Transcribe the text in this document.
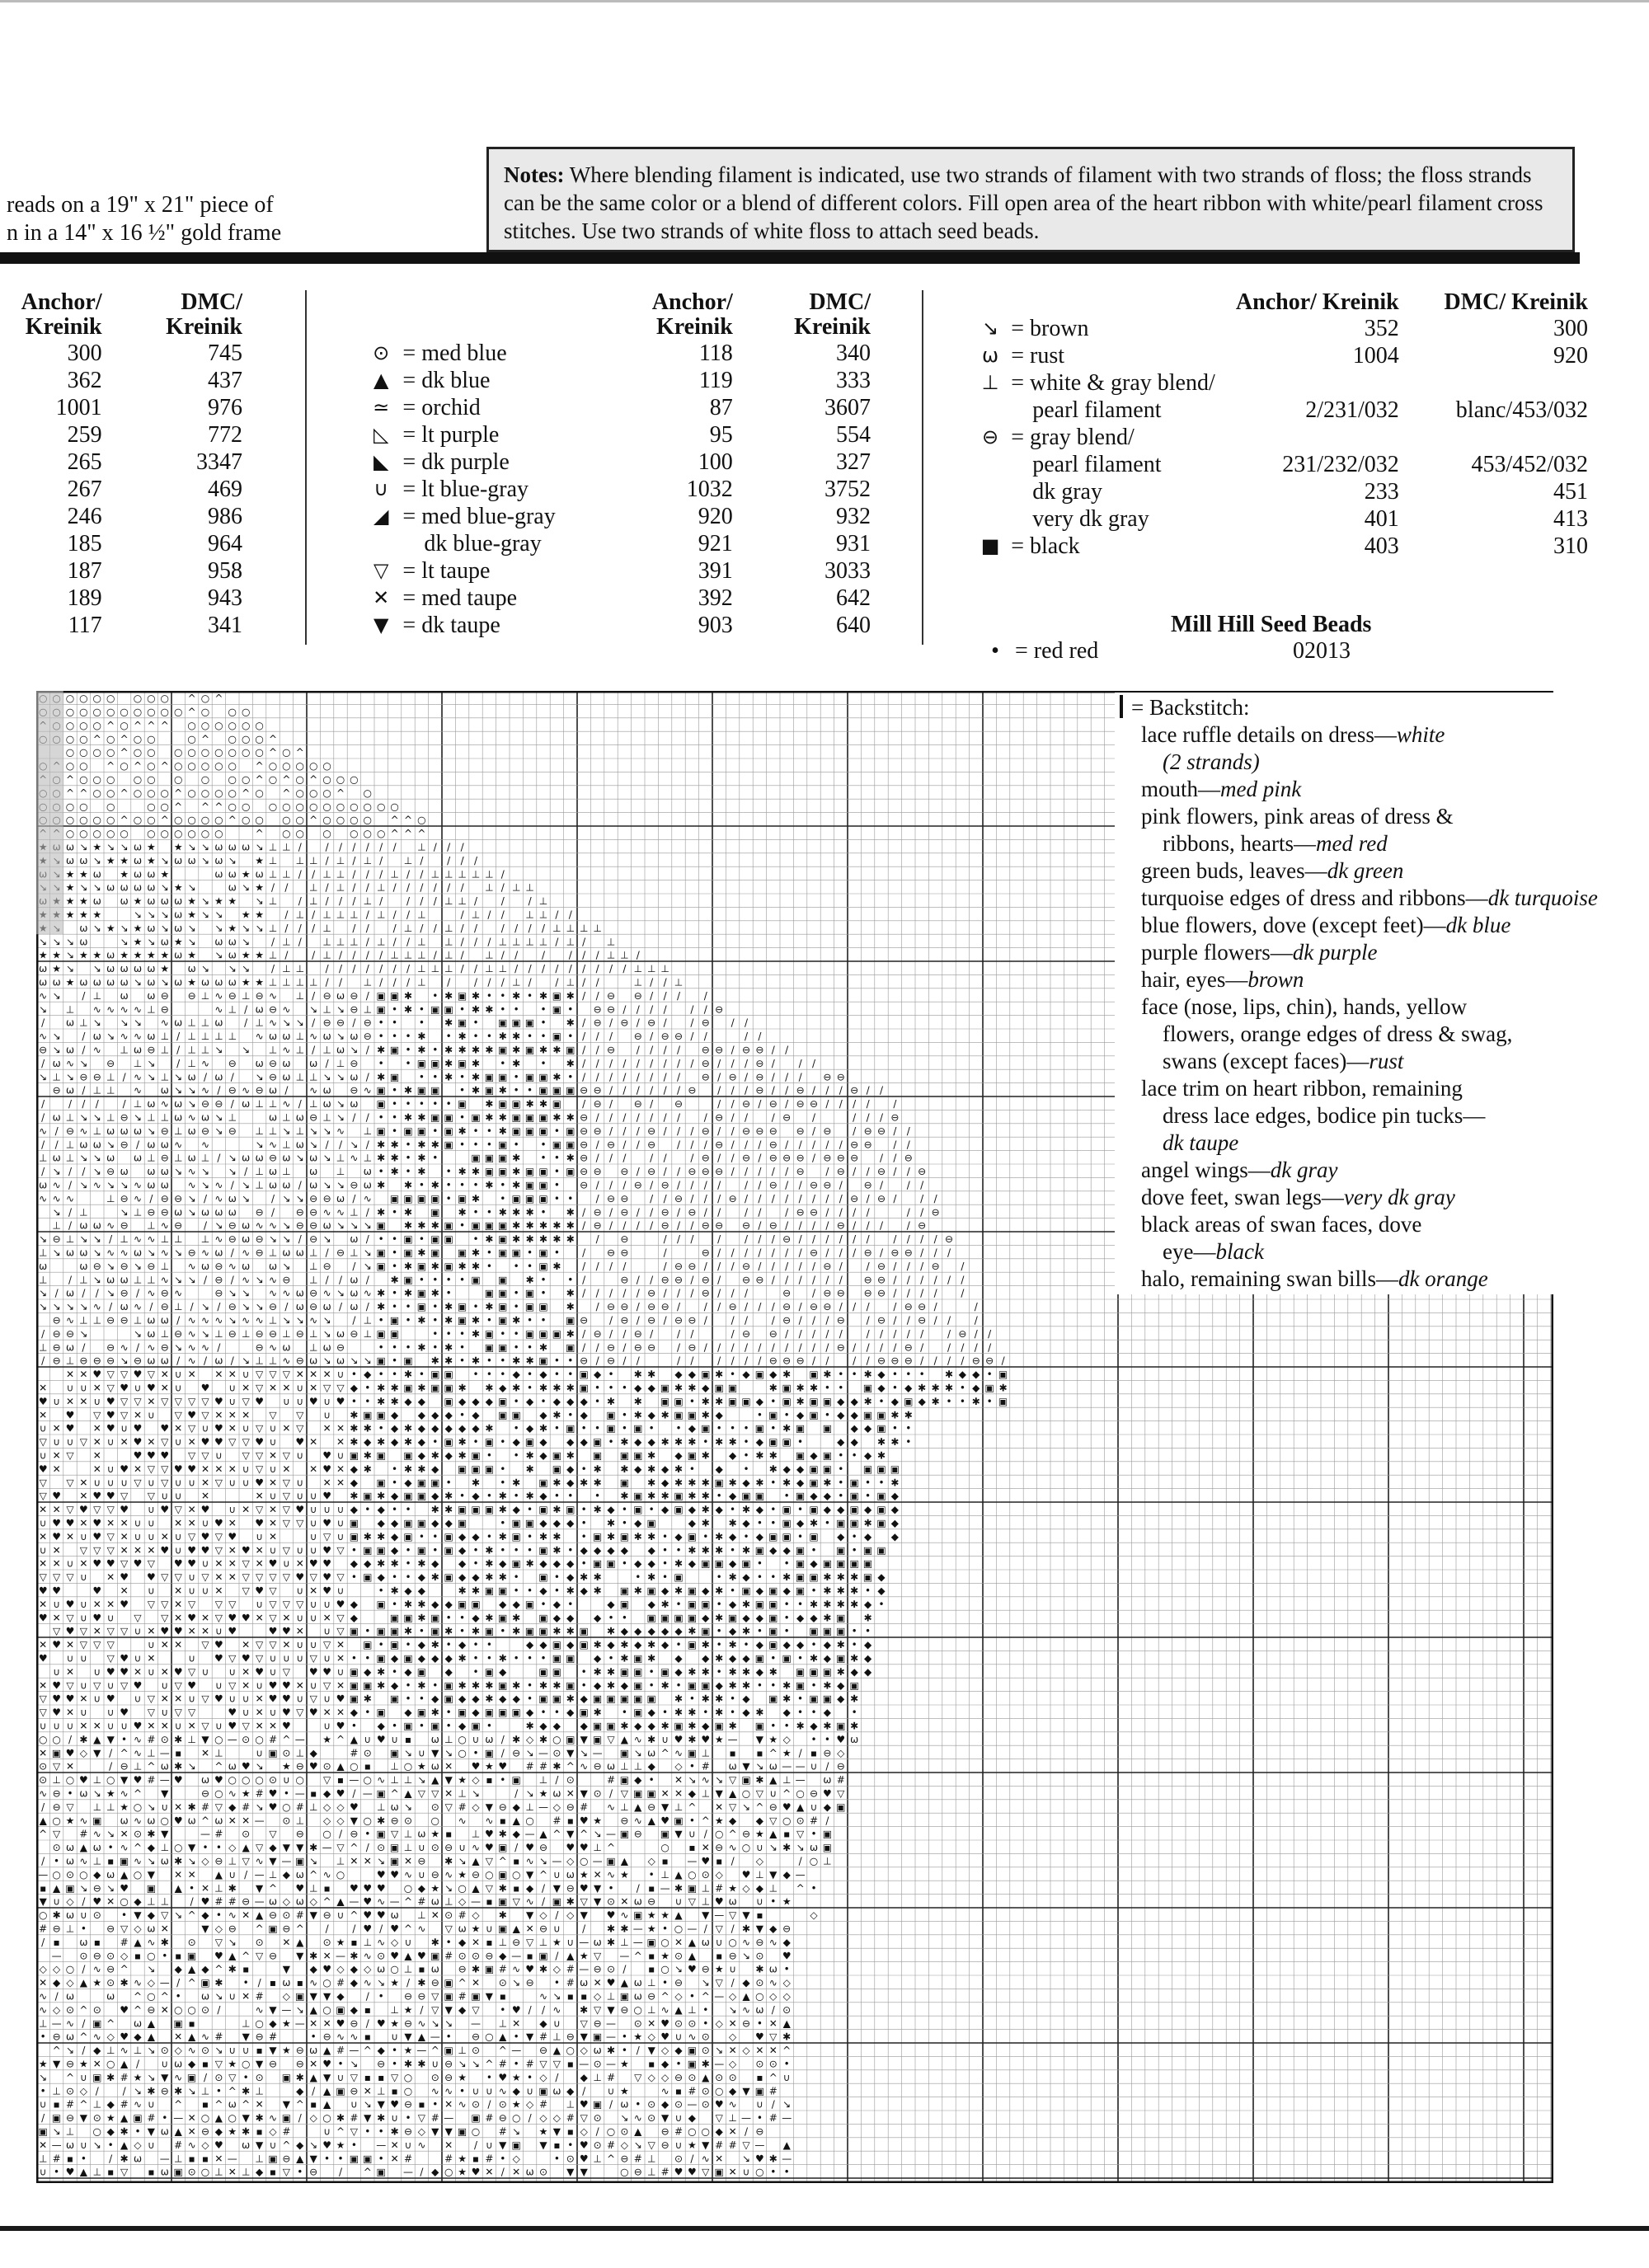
reads on a 19" x 21" piece of
n in a 14" x 16 ½" gold frame
Notes: Where blending filament is indicated, use two strands of filament with two strands of floss; the floss strands can be the same color or a blend of different colors. Fill open area of the heart ribbon with white/pearl filament cross stitches. Use two strands of white floss to attach seed beads.
Anchor/ Kreinik	DMC/ Kreinik
300	745
362	437
1001	976
259	772
265	3347
267	469
246	986
185	964
187	958
189	943
117	341
		Anchor/ Kreinik	DMC/ Kreinik
⊙	= med blue	118	340
▲	= dk blue	119	333
≃	= orchid	87	3607
◺	= lt purple	95	554
◣	= dk purple	100	327
∪	= lt blue-gray	1032	3752
◢	= med blue-gray	920	932
	dk blue-gray	921	931
▽	= lt taupe	391	3033
✕	= med taupe	392	642
▼	= dk taupe	903	640
		Anchor/ Kreinik	DMC/ Kreinik
↘	= brown	352	300
ω	= rust	1004	920
⊥	= white & gray blend/		
	pearl filament	2/231/032	blanc/453/032
⊖	= gray blend/		
	pearl filament	231/232/032	453/452/032
	dk gray	233	451
	very dk gray	401	413
■	= black	403	310
Mill Hill Seed Beads
• = red red	02013
○ ○ ○ ○ ○ ○ ○ ^ ○ ^
○ ○ ○ ○ ○ ○ ○ ○ ○ ^ ○ ○ ○
○ ○ ○ ^ ○ ^ ^ ^ ○ ○ ○ ○ ○ ○
○ ○ ^ ○ ^ ○ ○	○ ^ ○ ○ ○ ^
○ ○ ○ ○ ^ ○ ○ ○ ○ ○ ○ ○ ○ ○ ^ ○ ^
○ ○ ^ ○ ^ ○ ^ ○ ○ ○ ○ ○ ^ ○ ○ ○ ○ ○
^ ○ ○ ○ ○ ○ ○ ○ ○ ○ ^ ○ ^ ○ ^ ○ ○ ○
^ ^ ○ ○ ^ ○ ○ ○ ^ ○ ○ ○ ○ ^ ○ ^ ○ ○ ○ ^ ○
○ ○ ○	○ ○ ^ ^ ^ ○ ○ ○ ○ ○ ○ ○ ○ ○ ○ ○ ○
○ ○ ○ ○ ^ ○ ○ ^ ○ ○ ○ ○ ^ ○ ○ ○ ○ ^ ○ ○ ○ ○ ^ ^ ○
○ ○ ○ ○ ○ ○ ○ ○ ○ ○ ○	^ ○ ○ ○ ○ ○ ○ ^ ^ ^
ω ↘ ★ ↘ ↘ ω ★ ★ ↘ ↘ ω ω ω ↘ ⊥ ⊥ / / / / / / / ⊥ / / /
ω ω ↘ ★ ★ ω ★ ↘ ω ω ↘ ω ↘ ★ ⊥ ⊥ ⊥ / ⊥ / ⊥ / ⊥ / / / /
★ ★ ω ★ ω ω ★	ω ω ★ ω ⊥ ⊥ / / ⊥ ⊥ / / / ⊥ / / ⊥ ⊥ ⊥ ⊥ ⊥ /
★ ↘ ↘ ω ω ω ω ↘ ★ ↘	ω ↘ ★ / / ⊥ / ⊥ / / ⊥ / / / / / / ⊥ / ⊥ ⊥
★ ★ ω ω ★ ω ω ω ★ ↘ ★ ★ ↘ ⊥ / ⊥ / / / ⊥ / / / / ⊥ ⊥ / / / ⊥
★ ★ ★	↘ ↘ ↘ ω ★ ↘ ↘ ★ ★ / ⊥ / ⊥ ⊥ ⊥ / ⊥ / / ⊥	/ ⊥ / / ⊥ ⊥ / /
ω ↘ ★ ↘ ★ ω ↘ ω ↘ ↘ ★ ↘ ↘ ⊥ / / / ⊥ / / / ⊥ / / ⊥ / / / / / / ⊥ ⊥ ⊥ ⊥
↘ ↘ ↘ ω	↘ ★ ↘ ω ★ ↘ ω ω ↘ / ⊥ / ⊥ ⊥ ⊥ / ⊥ / / ⊥ ⊥ / / / ⊥ ⊥ ⊥ ⊥ / ⊥ / ⊥
★ ★ ↘ ★ ★ ω ★ ★ ★ ★ ω ★ ↘ ω ★ ★ ⊥ / / ⊥ / / / / ⊥ ⊥ ⊥ / ⊥ / ⊥ / / / / / / ⊥ ⊥ /
ω ★ ↘ ↘ ω ω ω ω ★ ω ↘ ↘ ↘ / ⊥ ⊥ / / / / / / / ⊥ ⊥ ⊥ / / ⊥ ⊥ / / / / / / / / / ⊥ ⊥ ⊥
ω ω ★ ω ω ω ω ↘ ω ↘ ω ★ ω ω ω ★ ★ ⊥ ⊥ ⊥ ⊥ / / ⊥ / / / ⊥ / / / / ⊥ / / ⊥ / /	⊥ / / ⊥
∿ ↘ / ⊥ ω ω ⊖ ⊖ ⊥ ∿ ⊖ ⊥ ⊖ ∿ ⊥ / ⊖ ω ⊖ / ▣ ▣ ✱ • ✱ ▣ ✱ • • ✱ • ✱ ▣ ✱ / / ⊖ ⊖ / / / /
↘ ⊥ ∿ ∿ ∿ ∿ ⊥ ⊖	∿ ⊥ / ω ⊖ ∿ ↘ ⊥ ↘ ⊖ ⊥ ▣ • ✱ • ▣ ▣ • ✱ ✱ • • • ▣ • ⊖ ⊖ / / / / / / ⊖
/ ω ⊥ ↘ ↘ ↘ ∿ ω ⊥ ⊥ ω / ⊥ ∿ ↘ ↘ / ⊖ ⊖ / ⊖ • • • ✱ ▣ • ▣ ▣ ▣ • ✱ / ⊖ / ⊖ / ⊖ / / ⊖ / /
∿ ↘ / ω ↘ ∿ ∿ ω ⊥ / ⊥ ⊥ ⊥ ⊥ ∿ ω ω ⊥ ∿ ω ↘ ω ⊖ • • • ✱ • ✱ • • ✱ ✱ • • ▣ • / / / ⊖ / ⊖ ⊖ / /	/ /
⊖ ↘ ω / ∿ ⊥ ω ⊖ ⊥ / ⊥ ⊥ ↘ ↘ ⊥ ∿ ⊥ / ⊥ ω ↘ / ✱ ▣ • ✱ • ✱ ✱ ✱ ✱ ▣ ✱ ▣ ✱ ✱ ▣ / / ⊖ / / / / ⊖ ⊖ / ⊖ ⊖ / /
/ ω ∿ ↘ ⊖ ⊥ ↘ / ⊥ ∿ ⊖ ω ⊖ ω ω / ⊥ ⊖ • • ▣ ▣ ✱ ▣ ✱ • ✱ • ✱ / / / / / / / / / ⊖ / / / ⊖ / / /
↘ ⊥ ↘ ⊖ ⊖ ⊥ / ∿ ↘ ⊥ ↘ ω / ω / ↘ ⊖ ω ⊥ ⊥ ↘ ↘ ω / ✱ ▣ • • ✱ • ✱ ▣ ▣ • ▣ ▣ ✱ • / / / / / / / / ⊖ / ⊖ / ⊖ / / / ⊖ ⊖
⊖ ω / ⊥ ⊥ ∿ ω ↘ ↘ ∿ / ⊖ ∿ ⊖ ω / ∿ ω ⊖ ∿ ▣ • ✱ ▣ ▣ • ✱ ▣ ✱ • • ▣ ▣ ▣ ⊖ ⊖ / / / / / / ⊖ / / / ⊖ / / ⊖ / / / ⊖ / /
/ / / / / ⊥ ω ∿ ω ↘ ⊖ ⊖ / ω ⊥ ⊥ ∿ / ⊥ ω ↘ ω ▣ • • • • • ▣ ✱ ▣ ▣ ✱ ✱ ▣ / ⊖ / ⊖ / ⊖	/ / ⊖ / ⊖ / ⊖ ⊖ / / / / /
/ ω ⊥ ↘ ↘ ⊥ ⊖ ↘ ⊥ ⊥ ω ∿ ω ↘ ⊥	ω ⊥ ω ⊖ ⊥ ↘ / / • • ✱ ✱ ▣ ▣ • ▣ ✱ ✱ ▣ ▣ ▣ ✱ ✱ ⊖ / / / / / / / / ⊖ / / / ⊖ /	/ / / ⊖
∿ / ⊖ ∿ ⊥ ω ω ω ↘ ⊖ ⊥ ω ⊖ ↘ ⊖ ⊥ ⊥ ↘ ⊥ ↘ ↘ ∿ ⊥ ▣ • ▣ ▣ • ▣ ✱ • • ✱ ▣ ▣ ▣ • ▣ ⊖ ⊖ / / / ⊖ / / / ⊖ / / ⊖ ⊖ ⊖ ⊖ / ⊖ / ⊖ ⊖ / /
/ / ⊥ ω ω ↘ ⊖ / ω ω ∿ ∿	↘ ∿ ⊥ ω ↘ / / ↘ / ✱ ✱ • ✱ ✱ ▣ • • • ▣ • • ▣ ▣ ⊖ / ⊖ / / ⊖ / / / ⊖ / / / ⊖ / / / / / ⊖ ⊖ / /
⊥ ω ⊥ ↘ ↘ ω ω ⊥ ⊖ ⊥ ω ⊥ / ↘ ω ω ⊖ ω ↘ ω ↘ ⊥ ∿ ⊥ ✱ ✱ • ✱ •	▣ ▣ ▣ ✱ • • ✱ ⊖ / / / / / / ⊖ / / ⊖ / ⊖ ⊖ ⊖ / ⊖ ⊖ ⊖ / / ⊖
/ ↘ / / ↘ ⊖ ω ω ω ↘ ∿ ↘ ↘ / ⊥ ω ⊥ ω ⊥ ω • ✱ • ✱ • ✱ ✱ ▣ ▣ ✱ ▣ ▣ • ▣ ⊖ ⊖ ⊖ / ⊖ / / ⊖ ⊖ ⊖ / / / / / ⊖ / ⊖ / / ⊖ / / ⊖
ω ∿ / ↘ ∿ ↘ ↘ ∿ ω ω ∿ ↘ ∿ / ↘ ⊥ ω ω / ω ↘ ↘ ⊖ ω ✱ ✱ • ✱ • • • ✱ • ✱ ▣ ▣ • ⊖ / / / ⊖ / ⊖ / / / / / / ⊖ / / ⊖ ⊖ / ⊖ / / /
∿ ∿ ∿	⊥ ⊖ ∿ / ⊖ ⊖ ↘ / ∿ ω ↘ / ↘ ↘ ⊖ ⊖ ω / ∿ ▣ ▣ ▣ ▣ • ▣ ✱ • ▣ ▣ ▣ • • / ⊖ ⊖ / / ⊖ / / / ⊖ / / / / / / / / ⊖ / ⊖ / / /
↘ / ⊥	↘ ⊥ ⊖ ⊖ ω ↘ ω ω ω ⊖ / ⊖ ⊖ ∿ ∿ ⊥ / ✱ • ✱ ▣ ✱ • • ✱ ✱ ✱ • ✱ / ⊖ / ⊖ / / ⊖ / ⊖ / / / / / ⊖ ⊖ / / / /	/ / ⊖
⊥ / ω ω ∿ ⊖ ⊥ ∿ ⊖ / ↘ ⊖ ω ∿ ∿ ↘ ⊖ ⊖ ω ↘ ↘ ↘ ▣ ✱ ✱ ✱ ▣ • ▣ ▣ ▣ ✱ ✱ ✱ ✱ ✱ / ⊖ / / / / ⊖ / / ⊖ ⊖ ⊖ / ⊖ / / / / ⊖ / / / / ⊖
↘ ⊖ ⊥ ↘ ↘ / ⊥ ∿ ∿ ⊥ ⊥ ⊥ ∿ ⊖ ω ⊖ ↘ ↘ / ⊖ ↘ ω / • • ▣ • ▣ ▣ • ✱ ▣ ✱ ✱ ✱ ✱ ✱ / ⊖	/ / / / / / / ⊖ / / / / / / / / / / ⊖
⊥ ↘ ω ω ↘ ∿ ∿ ω ↘ ∿ ↘ ⊖ ∿ ω / ∿ ⊖ ⊥ ω ω ⊥ / ⊖ ⊥ ↘ ▣ • ▣ ✱ ▣ ▣ ✱ • ▣ ▣ • ▣ • / ⊖ ⊖	/	⊖ / / / / / / / ⊖ / / / ⊖ / ⊖ ⊖ / / /
ω	ω ⊖ ↘ ⊖ ↘ ⊖ ⊥ ∿ ω ⊖ ∿ ω ω ↘ ⊥ ⊖ / ↘ ▣ • ✱ ▣ ✱ ▣ ✱ ✱ • • • ▣ ✱ / / / /	/ ⊖ ⊖ / / / ⊖ / / / / / ⊖ / / ⊖ / / / ⊖ /
⊥ / ⊥ ↘ ω ω ⊥ ⊥ ∿ ↘ ↘ / ⊖ / ∿ ↘ ∿ ⊖ ⊥ / / ω / ✱ ▣ • • • • ▣ ▣ ✱ • • /	⊖ / / ⊖ ⊖ / ⊖ / ⊖ ⊖ / / / / / / ⊖ ⊖ / / / / / /
↘ / ω / / ↘ ⊖ / ∿ ⊖ ∿	⊖ ↘ ↘ ∿ ∿ ω ⊖ ∿ ↘ ω ∿ ✱ • ✱ ▣ ✱ •	▣ ▣ • ▣ • ✱ / / / / / ⊖ / / / ⊖ / / /	⊖ / ⊖ ⊖ ⊖ ⊖ / / / / /
↘ ↘ ↘ ↘ ∿ / ω ∿ / ⊖ ⊥ / ↘ / ⊖ ↘ ↘ ⊖ / ω ⊖ ω / ω / ✱ • • ▣ • ✱ ▣ • ✱ ▣ • ▣ ▣ ✱ / ⊖ ⊖ / ⊖ ⊖ / / / ⊖ / / / ⊖ / ⊖ ⊖ / / / / ⊖ ⊖ /	/
⊖ ∿ ⊥ ⊥ ⊖ ⊖ ⊥ ω ω / ∿ ∿ ∿ ↘ ∿ ∿ ⊥ ↘ ↘ ∿ ↘ / ⊥ • ▣ • ✱ • ✱ ▣ ✱ • ▣ ✱ • • ▣ ⊖ / ⊖ / ⊖ / ⊖ ⊖ / / / / ⊖ / / / ⊖ / ⊖ / / ⊖ / / /
/ ⊖ ⊖ ↘	↘ ω ⊥ ⊖ ∿ ↘ ⊥ ⊖ ⊥ ⊖ ⊖ ⊥ ⊖ ⊥ ↘ ω ⊖ ⊥ ▣ ▣	• • • ✱ ▣ • • ▣ ▣ ▣ ✱ / ⊖ / / ⊖ / / /	/ ⊖ ⊖ / / / / / / / / / / / ⊖ / /
⊥ ⊖ ω / ⊖ ∿ / ∿ ⊖ ↘ ∿ ∿ /	⊖ ∿ ω ⊥ ω ⊖	• • • ✱ • ✱ • ▣ ▣ • • ✱ ▣ / / ⊖ / ⊖ ⊖ / ⊖ / / / / / / / / / / ⊖ / / / / ⊖ / / / / /
/ ⊖ ⊥ ⊖ ⊖ ⊖ ↘ ⊖ ω ω / ∿ / ω / ↘ ⊥ ⊥ ∿ ⊖ ω ↘ ω ↘ ↘ ▣ • ▣ ✱ ✱ • ✱ • • ✱ ✱ ▣ • • ⊖ / ⊖ / /	/ / / / / / ⊖ ⊖ ⊖ / / / / ⊖ ⊖ ⊖ / / / / ⊖ ⊖ /
✕ ✕ ♥ ▽ ▽ ♥ ▽ ✕ ∪ ✕ ✕ ✕ ∪ ▽ ▽ ▽ ✕ ✕ ✕ ∪ • ◆ • • ✱ • ▣ ▣ • • • ◆ • ◆ • • ▣ ◆ • ✱ ✱ ◆ ◆ ▣ ✱ • ◆ ▣ ◆ ✱ ▣ ✱ • • ✱ ◆ • • • ✱ ◆ ◆ • ▣
✕ ∪ ∪ ✕ ▽ ♥ ∪ ♥ ✕ ∪ ♥ ∪ ✕ ▽ ✕ ✕ ∪ ✕ ▽ ▽ ◆ • ✱ ✱ ▣ ✱ ▣ ▣ ✱ ✱ ◆ ✱ • ✱ ✱ ✱ ▣ • • • ◆ ◆ ▣ ✱ ✱ ◆ ▣ ▣	✱ ▣ ✱ ✱ • • ▣ ◆ • ◆ ✱ ✱ ✱ • ◆ ▣ ✱
♥ ∪ ✕ ✕ ∪ ♥ ▽ ▽ ✕ ▽ ▽ ▽ ▽ ♥ ∪ ▽ ♥ ∪ ∪ ♥ ∪ ♥ • • ✱ ✱ ◆ ◆ ▣ ◆ ◆ ◆ ▣ • ◆ • ◆ ◆ ◆ • ✱ ✱ ▣ ▣ • ✱ ✱ ▣ ▣ ◆ • ▣ ✱ ▣ ▣ ◆ ◆ ✱ • ◆ ▣ ◆ ✱ • • ✱ • ▣
✕ ♥ ▽ ♥ ▽ ✕ ∪ ▽ ♥ ▽ ✕ ✕ ✕ ▽ ▽ ∪ ✱ ▣ ▣ ◆ ◆ ◆ ◆ • ◆ ▣ ▣ ◆ ✱ • ◆ ▣ • ✱ ◆ ✱ ▣ ▣ ✱ ◆	• ▣ • ◆ ▣ • ◆ ◆ ▣ ▣ ✱ ✱
∪ ✕ ♥ ✕ ♥ ∪ ♥ ♥ ✕ ▽ ∪ ♥ ✕ ∪ ▽ ∪ ✕ ▽ ✕ ✕ ✱ ✱ • ◆ ✱ ◆ ◆ ◆ ◆ ◆ ✱ • ◆ ✱ • ▣ • • ▣ • ▣ • • ◆ ▣ • • • ▣ • ✱ ▣ ▣ ◆ ◆ ▣ • •
▽ ∪ ∪ ▽ ✕ ∪ ✕ ♥ ✕ ▽ ∪ ✕ ♥ ♥ ▽ ▽ ♥ ∪ ♥ ✕ ✕ ✱ ◆ ✱ ◆ ✱ ◆ • ▣ ✱ • ▣ • ◆ ▣ ◆ ◆ ◆ ▣ • ✱ ◆ ◆ ✱ ✱ ✱ • ✱ ✱ • ◆ ▣ ▣ •	◆ ◆ ✱ ✱ •
∪ ✕ ▽ ✕	♥ ♥ ♥ ▽ ▽ ∪ ▽ ▽ ✕ ▽ ∪ ♥ ∪ ▣ ✱ ▣ ▣ ◆ ✱ ◆ ✱ ▣ • • ✱ ◆ ▣ ✱ ▣ ▣ ▣ ✱ ◆ ▣ ✱ ◆ • ✱ ✱ ▣ ◆ ▣ • • ◆ ✱
♥ ✕	✕ ∪ ♥ ✕ ▽ ▽ ♥ ♥ ✕ ✕ ✕ ∪ ▽ ∪ ✕ ✕ ♥ ✕ ◆ ✱ • ✱ ✱ ◆ ▣ ▣ ▣ • ✱ ▣ ◆ • ✱ ✱ ◆ ✱ ◆ ✱ • ◆ • ✱ ◆ ◆ ▣ ▣ • ▣ ▣ ▣
▽ ▽ ✕ ∪ ∪ ∪ ▽ ∪ ▽ ∪ ∪ ✕ ▽ ∪ ∪ ♥ ✕ ▽ ∪ ✕ ✕ ◆ ▣ • ◆ ▣ ▣ • ✱ • ✱ ▣ ✱ ◆ ✱ ✱ ▣ ✱ ◆ ✱ ✱ ✱ ▣ ✱ ◆ ✱ • ✱ ◆ ▣ ✱ • ▣ • • ✱
▽ ♥ ✕ ♥ ♥ ▽ ▽ ∪ ∪ ✕	✕ ∪ ▽ ∪ ∪ ♥ ✱ ▣ ✱ ◆ ▣ ▣ ◆ ✱ • ◆ • ✱ • ✱ ◆ • • • ✱ ▣ ✱ ✱ ▣ ✱ ✱ • ◆ ▣ ▣ • ▣ ◆ ◆ • ▣ • ▣ ◆
✕ ✕ ▽ ♥ ▽ ▽ ♥ ∪ ♥ ▽ ✕ ♥ ∪ ✕ ▽ ✕ ▽ ♥ ∪ ∪ ∪ ◆ • ◆ • • ✱ ✱ ▣ ▣ ▣ ✱ ◆ • ▣ ✱ ▣ • ✱ ◆ • ▣ • ◆ ▣ ◆ ✱ ◆ • ✱ ◆ • ▣ • ▣ ◆ ◆ ▣ ◆ ▣ ◆
∪ ♥ ♥ ✕ ♥ ✕ ✕ ∪ ∪ ✕ ✕ ∪ ♥ ✕ ♥ ✕ ▽ ▽ ∪ ♥ ∪ ▣ ◆ ◆ ▣ ▣ ◆ ◆ ▣	• ▣ ▣ ◆ ◆ ◆ • ✱ • ◆ ▣	◆ ✱ ✱ ◆ • • ▣ ◆ ✱ • ▣ ▣ ✱ ▣ ◆
✕ ♥ ✕ ∪ ♥ ▽ ✕ ∪ ∪ ✕ ∪ ▽ ♥ ▽ ♥ ∪ ✕	∪ ▽ ∪ ▣ ✱ ✱ ◆ ▣ • • ▣ ◆ ◆ • ✱ ▣ • ✱ ✱ • ▣ ✱ ▣ ✱ ✱ • ◆ ▣ • ✱ ◆ • ◆ ▣ ▣ • ▣ ◆ • ◆ ◆
∪ ✕ ▽ ▽ ▽ ✕ ✕ ✕ ♥ ∪ ♥ ♥ ▽ ✕ ♥ ✕ ∪ ▽ ∪ ∪ ♥ ▽ • ▣ ▣ ◆ • ▣ • ▣ ◆ • ✱ • • • ▣ ✱ • ◆ ◆ ◆ ◆ ◆ • • ✱ ✱ ✱ • ✱ ▣ ◆ ◆ ▣ • ▣ • ▣ ▣
✕ ✕ ∪ ✕ ♥ ♥ ▽ ♥ ▽ ♥ ♥ ∪ ✕ ✕ ▽ ✕ ♥ ∪ ✕ ♥ ♥ ◆ ◆ ✱ ✱ • ✱ ◆ ◆ • ✱ ◆ ▣ ✱ ◆ ◆ ◆ • ▣ ▣ • ◆ ◆ • ✱ ◆ ▣ ▣ ◆ ▣ • • ▣ ◆ ▣ ▣ ▣ ▣
▽ ▽ ▽ ∪ ✕ ♥ ♥ ▽ ▽ ∪ ▽ ✕ ✕ ▽ ▽ ▽ ▽ ♥ ▽ ♥ ▽ • ▣ ◆ • • ◆ ✱ ▣ ◆ ◆ ✱ ✱ • ▣ • ◆ ✱ ✱	• ✱ • ▣	• ✱ ◆ • • ✱ ▣ ▣ ✱ ✱ ✱ ▣ ◆
♥ ♥	♥ ✕ ∪ ✕ ∪ ∪ ✕ ▽ ♥ ▽ ∪ ✕ ♥ ∪	• ✱ ◆ ◆	✱ ✱ ▣ ▣ • • ◆ • ✱ ◆ ✱ ▣ ✱ ▣ ◆ ✱ ▣ ◆ ✱ • ▣ ◆ ▣ ◆ ▣ • ✱ ✱ ✱ • ◆
✕ ∪ ♥ ∪ ✕ ✕ ♥ ▽ ▽ ✕ ▽ ▽ ▽ ∪ ▽ ▽ ▽ ∪ ∪ ♥ ◆ ▣ • ✱ ✱ ◆ ◆ ▣ ▣ ◆ ◆ ▣ • ◆ •	◆ ▣ ◆ ✱ • ▣ ▣ • ◆ ✱ ▣ ▣ • • ✱ ✱ ✱ ✱ ◆ •
♥ ✕ ▽ ∪ ♥ ∪ ▽ ▽ ✕ ♥ ✕ ▽ ♥ ♥ ✕ ▽ ✕ ∪ ∪ ✕ ▽ ◆	▣ ▣ ✱ ▣ • • ◆ ✱ ▣ ✱ ▣ ◆ ◆ ◆ • • ▣ ▣ ▣ ▣ ◆ ✱ ▣ ◆ ◆ ▣ • ◆ ◆ ✱ ▣ ✱
▽ ♥ ▽ ✕ ▽ ▽ ∪ ✕ ♥ ♥ ✕ ✕ ∪ ♥	♥ ♥ ✕ ∪ ▽ ▣ • ▣ ▣ ✱ • ▣ ✱ • ✱ ▣ • ✱ ▣ ▣ ✱ ✱ ▣ ✱ ◆ ◆ ◆ ◆ ◆ ✱ ▣ • ◆ ✱ • ▣ • ▣ ▣ ▣ • •
✕ ♥ ✕ ▽ ▽ ▽	∪ ✕ ✕ ▽ ♥ ✕ ▽ ▽ ✕ ∪ ∪ ▽ ✕ ▣ • ▣ • ◆ ✱ • ◆ • •	◆ ◆ ▣ ◆ ▣ ✱ ◆ ✱ ◆ ✱ ◆ • ▣ ✱ • ✱ • ◆ ▣ ◆ ◆ • ◆ ✱ • ◆
♥ ∪ ∪ ▽ ♥ ∪ ✕	∪ ♥ ▽ ♥ ▽ ∪ ∪ ∪ ▽ ∪ ✕ • • ▣ ◆ ▣ ◆ ◆ ◆ ✱ • • ✱ • • • ▣ ▣ ◆ • ✱ ▣ ✱ ◆ ◆ ✱ ◆ ◆ ▣ • ▣ • ✱ ◆ ▣ ✱ ◆
∪ ✕ ∪ ♥ ♥ ✕ ∪ ✕ ♥ ▽ ∪ ∪ ✕ ♥ ∪ ▽ ♥ ♥ ∪ ▣ ◆ ✱ • ◆ ▣ ◆ • ▣ ◆	▣ ▣ • ✱ ✱ ▣ ▣ • ▣ ◆ ✱ ✱ • ✱ ✱ ◆ ✱ ▣ ▣ ▣ ✱ ◆ ◆
✕ ♥ ▽ ∪ ▽ ∪ ▽ ♥ ∪ ▽ ♥ ∪ ▽ ✕ ∪ ♥ ♥ ✕ ∪ ▽ ✕ ▣ ▣ ✱ ◆ • ✱ • ▣ ✱ ✱ ✱ ▣ ✱ • ✱ ✱ ▣ • ◆ ✱ ◆ ▣ • ✱ • ▣ ▣ ◆ ✱ ✱ • • ✱ ▣ • ✱ ◆ ▣
▽ ♥ ♥ ✕ ∪ ♥ ∪ ▽ ✕ ✕ ∪ ▽ ♥ ∪ ∪ ✕ ♥ ♥ ∪ ▽ ∪ ♥ ▣ ✱ ▣ • • ◆ ▣ ◆ ◆ ✱ ◆ ◆ • ▣ ▣ ✱ ◆ ▣ ▣ ▣ ▣ ▣ ✱ • ✱ ✱ • ◆ ▣ ✱ • ▣ ▣ ◆ ✱
▽ ♥ ✕ ∪ ∪ ♥ ▽ ∪ ▽ ▽	♥ ∪ ✕ ∪ ♥ ▽ ♥ ✕ ✕ ◆ • ▣ ◆ ▣ ✱ • ▣ ◆ ▣ ▣ ▣ ◆ • • ◆ ▣ ✱ • ▣ ◆ • ✱ ✱ • ✱ • ◆ ✱ ◆ • • ◆ •
∪ ∪ ∪ ✕ ✕ ∪ ∪ ♥ ✕ ✕ ∪ ✕ ▽ ∪ ♥ ▽ ✕ ✕ ♥	∪ ♥ • ◆ • ▣ • ▣ • ◆ ▣ •	✱ ◆ ◆ ◆ ▣ ▣ ✱ ◆ ◆ ✱ ▣ ✱ ◆ ▣ ✱ ▣ • • ✱ ◆ ✱ ▣ ✱
○ ○ / ✱ ▲ ▼ • ∿ # ⊙ ✱ ⊥ ▼ ○ — ⊙ ○ # ^ — ★ ^ ▲ ∪ ♥ ∪ ▪ ω ⊥ ○ ∪ ω / ✱ ◇ ✱ ○ ▣ ▼ ▣ ▽ ▲ ∿ ✱ ∪ ♥ ✱ ♥ ★ — ▼ ★ ◇ • • ♥ ω
✕ ▣ ♥ ◇ ▼ / ^ ∿ ⊥ — ▪ ✕ ⊥	∪ ▣ ⊙ ⊥ ◆	# ⊙ ▣ ↘ ∪ ▼ ↘ ○ • ▣ / ⊖ ↘ — ⊙ ▼ ↘ — ▣ ↘ ω ^ ∿ ▣ ⊥ ▪ ▪ ^ ★ / ▪ ⊖ ◇
⊙ ▽ ✕	/ ⊖ ⊥ ^ ω ✱ ↘ ^ ω ♥ ↘ ★ ⊖ ♥ ⊙ ▲ ○ ▪ ⊥ ○ ★ ω ✕ ♥ ★ ♥ # # ✱ ^ ∿ ⊖ ω ⊥ ⊥ ◆ ◇ • # ω ▼ ↘ ω — — ∪ / ⊖
⊙ ⊥ ○ ♥ ⊥ ○ ▼ ♥ # — ♥ ω ♥ ○ ○ ○ ⊙ ∪ ○ ▽ ▪ — ○ ∿ ⊥ ⊥ ↘ ▲ ▼ ★ ◇ ▪ • ▣ ⊥ / ⊙	# ▣ ◆ • ✕ ↘ ∿ ↘ ▽ ▣ ✱ ▲ ⊥ — ω #
∿ ⊖ • ω ↘ ★ ∿ ^ ▼	⊖ ○ ∿ ★ # ♥ • — ▪ ◆ ♥ / — ▣ ^ ▲ ▽ ▽ ✕ ⊥ ↘	/ ↘ ★ ω ✕ ▼ ⊙ / ▽ ▣ ▣ ✕ ✕ ◆ ⊥ ▼ ▲ ○ ▽ ∪ ^ ○ ⊖ ♥ ▽
/ ⊖ ▽ ⊥ ⊥ ★ ○ ↘ ∪ ✕ ✱ # ▽ ◆ # ↘ ♥ ○ # ⊥ ◇ ◇ ♥ ⊥ ω ↘ ⊙ ▽ # ◇ ▼ ⊖ ◆ ⊥ — ◇ ⊖ # ∿ ⊥ ▲ ⊖ ▼ ⊥ ^ ✕ ▽ ↘ ^ ⊖ ♥ ▲ ∪ ◆ ▣
▲ ○ ★ ∿ ▣ ω ∿ ω ○ ♥ ω ^ ω ✕ ✕ — ⊙ ⊥ ◇ ◇ ▼ ○ ✱ ⊖ ⊙ ○ ∿ ∿ ▪ ▲ ○ # ▪ ♥ ★ ⊖ ∿ ▲ ♥ ▣ • ^ ★ ◆ ◆ ▽ ○ ⊙ # /
^ ▽ # ∿ ↘ ✕ ⊙ ✱ ▼	— # ⊙ ▽ ⊖ ○ / ⊖ • ▣ ▽ ⊥ ω ★ ▪ ⊥ ♥ ✱ ◆ — ▲ ^ ▼ ^ ↘ — ▣ ⊖ ▣ ▼ ∪ / ○ ^ ⊖ ★ ▲ ▪ ▽ • ▣
⊙ ω ▲ ω • ∿ ^ ◆ ⊥ ○ ▼ • • ◇ ▲ ▽ ◆ ▼ ▼ ✱ — ▽ ^ / ⊙ ▣ ⊥ ∪ ⊙ ⊖ ∪ ∿ ♥ ▣ / ♥ ⊖ ♥ ♥ ⊥ ^	○ ▪ ✕ ⊖ ∿ ○ ∪ ↘ ✱ ↘ ω ▣
/ • ω ∿ ⊥ ▪ ▣ ∿ ↘ ω ✱ ↘ ◇ ⊖ ⊥ ▽ ∿ ▼ — ▣ ↘ ⊥ ✕ ✕ ↘ ▣ ✕ ⊖ ✱ ↘ ▲ ▽ ^ ▪ ∿ ↘ — ◇ ○ — ▣ ▲ ◇ ▪ — ♥ ▪ / ◇	/ ○ ⊥
— ○ ⊙ ○ ◆ ω ▲ ○ ▼ ✕ ✕ ▲ ∪ / — ⊥ ◆ ω ^ ∿ ○	♥ ♥ ∿ ∪ ⊖ ∿ ★ ⊖ ○ ▣ ○ ▼ ^ ∪ ω ★ ✕ ∿ ★ • ⊥ ▲ ○ ⊙ ◇ ♥ ⊥ ▼ ◆ —
▪ ▲ ▣ ↘ ⊖ ↘ ♥ ▣ ▲ • ✕ ⊥ ✱ ▼ ^ ♥ ⊥ ▪ ♥ ♥ ♥ ○ ◆ ★ ↘ ○ ▲ ▽ ✱ ▪ ◆ / ▼ ⊖ ♥ ▼ • / ▪ — ✱ ▣ ⊥ # ★ ◇ ◆ ⊥ ^ •
▼ ∪ ◇ / ♥ ✕ ○ ◆ ⊥ ⊥ / ♥ # # ⊖ — ω ◇ ω ◇ ^ ▲ — ♥ ∿ — ^ # ω ⊥ ◇ — ▪ ▣ ▽ ∿ / ▣ ✱ ▽ ▼ ⊙ ✕ ω ⊖ ∪ ▽ ⊥ ♥ ω ∪ • ★
○ ✱ ω ∪ ⊙ • ▼ ◆ ▽ ↘ ^ ◆ • ∿ ✕ ▲ ⊖ ⊙ # ▼ ⊖ ∪ ^ ♥ ♥ ω ⊥ ✕ ⊙ # ◇ ✱ ▼ ◇ / ◇ ▼ ♥ ∿ ▣ ★ ★ ▲ ▼ — ▽ ▼ ▪	◇
# ⊖ ⊥ • ⊖ ▽ ◇ ω ✕	▼ ◇ ⊖ ^ ▣ ⊖ ^ / / ♥ / ♥ ^ ∿ ▽ ω ★ ∪ ▣ ▲ ✕ ⊖ ∪ / ✱ ✱ — ★ • ○ — / ▽ / ✱ ▼ ◆ ⊖
/ ▪ ω ▪ # ▲ ∿ ✱ ⊙ ▽ ↘ ⊙ ✕ ▲ ⊙ ★ ▪ ⊥ ∿ ◇ ∪ ✱ • ◆ ✕ ▪ ⊥ ⊖ ▽ ⊥ ★ ∪ — ω ✱ ⊥ — ▣ ○ ✕ ▲ ω ∪ ○ ∿ ⊖ ∿ ◆
— ⊙ ⊖ ⊙ ◇ ▪ ○ • ▪ ▣ ♥ ▲ ^ ▽ ⊖ ▼ ✱ ✕ — ✱ ∿ ⊙ ♥ ▲ ♥ ▣ # ⊙ ⊙ ⊖ ◆ — ▪ ▣ / ▲ ★ ▽ — ^ ▪ ★ ⊙ ▲ ▪ ⊖ ↘ ⊙ ♥
◇ ◇ ○ / ∿ ⊖ ^ ↘ ◆ ▲ ◆ ^ ✱ ▪	▼ ◆ ♥ ◇ ◆ ◇ ω ○ ⊥ ▪ ω ⊖ ✱ ▣ # ∿ ♥ ✱ ◇ # — ⊖ ⊙ / ▪ ○ ↘ ♥ ⊖ ★ ∪ ✱ ω •
✕ ◆ ◇ ▲ ★ ⊙ ✱ ∿ ◇ — / ^ ▣ ✱ • / ▪ ω ▪ ∿ ○ # ◆ ∿ ↘ ★ / ✱ ⊖ ▣ ^ ✕ ⊙ ↘ ⊖ • # ω ✕ ♥ ▲ ω ⊥ • ⊖ ↘ ▽ / ◆ ⊙ ∿ ◇
∿ / ω	ω ^ ○ ^ • ω ↘ ∪ ✕ # ◇ ▣ ▼ ▼ ◆ / • ⊖ ⊖ ▽ ▣ # ▣ ▼ ▪	∿ ↘ ▪ ▪ ◇ ⊥ ▣ ω ⊖ ^ ◇ • ^ — ◇ ▲ ○ ◇ ◇
∿ ◇ ⊙ ^ ⊙ ♥ ^ ⊖ ✕ ○ ○ ⊙ /	∿ ▼ — ↘ ▲ ○ ▣ ◆ ▪ ⊥ ★ / ▽ ▼ ◆ ▽ • ♥ / / ∿ ✱ ▽ ▼ ⊖ ○ ⊥ ∿ ▲ ⊥ • ↘ ∿ ω / ⊙
⊥ — ∿ / ▣ ^ ω ▲ ▣ ▪	⊥ ○ ◆ ★ — ✕ ✕ ♥ ⊖ / ♥ ★ ⊖ ∿ ↘ ↘ — ⊥ ✕ ◆ ∪ ▽ ⊖ — ⊙ ✕ ♥ ⊙ ⊙ • ◇ ✕ ⊖ • ✕ ▲
• ⊖ ω ^ ∿ ◇ ♥ ◆ ▲ ✕ ▲ ∿ # ▼ ⊖ #	• ⊖ ∿ ∿ ▪ ∪ ▼ ▲ — • ⊖ ○ ▲ • ▼ # ⊥ ⊖ ▼ ▣ — • ★ ◇ ♥ ∪ ∿ ⊙ ◇ ♥ ▽ ✱
^ ↘ / ◆ ⊥ ∿ ⊥ ↘ ⊙ ◇ ∿ ⊙ ↘ ∪ ∪ ▪ ▼ ★ ⊖ ω ▲ # — ^ ◆ • ★ — ^ ▣ ⊥ ⊙ ^ — ⊖ ▲ ○ ◇ ω ✱ • / ▼ ◇ ◆ ▣ ⊙ ↘ ✕ ◇ ✕ ✕ ^
★ ▼ ⊖ ★ ✕ ○ ▲ / ∪ ω ◆ ▪ ▽ ★ ○ ▼ ⊖ ⊖ ✕ ♥ • ↘ ⊖ • ✱ ✱ ∪ ⊖ ↘ ↘ ^ # • # ▽ ▽ ▪ — ⊙ — ★ ▪ ◆ • ▣ ✱ — ◇ ⊙ ⊙ •
↘ ^ ∪ ▣ ✱ # ★ ↘ ▼ ∿ ▣ / ⊙ ▽ • ⊙ ▣ ✱ ▲ ▼ ∪ ▽ ▪ ▪ ▽ ○ ⊙ ⊖ ★ • ♥ ★ • ◇ / ◆ ⊥ # ▽ ◇ ◇ ⊖ ⊙ ▲ ⊙ ⊙ ▪ ^ ∪
• ⊥ ⊙ ◇ / / ↘ ✱ ⊖ ✱ ↘ ⊥ • ^ ✱ ⊥	◆ / ▲ ▣ ⊖ ✕ ⊥ ▪ ○ ∿ ∿ • ∪ ∪ ∿ ◆ ∪ ▣ ω ◆ / ∪ ★	∿ ▪ # ⊙ ○ ◆ ▼ ▣ #
∪ ▪ # ^ ⊥ ◆ # ∿ ∪ ^ ▪ ^ ω ^ ✕ ▼ ^ ▪ ▲ ∪ ↘ ▼ ♥ ⊖ ▪ • ✕ ∿ ⊙ / ⊙ ★ ◇ # ⊥ ♥ ▣ / ω • ⊙ ◆ ⊙ — ⊙ ♥ ∿ ∪ / ↘
/ ▣ ⊖ ▼ ⊙ ★ ▲ ▣ # • — ✕ ○ ▲ ○ ▼ ✱ ∿ ▣ / ◇ ○ ✱ # ▼ ✱ ∪ • ▽ # — ▣ # ⊖ ○ / ◇ ◇ # ▽ ⊙ ↘ ∿ ⊙ ▼ ∪ ◆ ▽ ⊥ — • # —
▣ ↘ ⊥ ○ ◆ ✱ • ▼ ω ▲ ✕ ⊖ ◆ ★ ✱ ▪ ◇ #	∪ ^ ▽ • • ✱ ⊖ ◇ ▼ ▼ ▣ ○ # ↘ ★ ▼ ▪ ◇ / ○ ⊙ ▲ ⊖ # ○ ○ ◆ ✕ / ⊖
✕ — ω ∪ ↘ • ▲ ◇ ∪ # ∿ ◇ ♥ ω ▼ ∪ ^ ◆ ↘ ♥ ★ • — ✕ ∪ ∿ ✕ / ∪ ▼ ▣ ▼ ▪ • ♥ ⊙ # ◇ ↘ ▽ ⊖ ∪ ★ ▼ # # ▽ — ▲
⊥ # ▪ • / ✱ ω — ⊥ ▪ ▪ ✕ — ⊥ ▣ ⊖ ▲ ▼ • • ▣ ▣ • ✕ #	# ★ ▪ # • ◇	• ⊙ ♥ ⊥ ^ ⊖ # ⊥ ⊙ / ∿ ✕ ↘ ♥ ✱ —
∪ • ♥ ▲ ⊥ ▪ ▽ ▪ ω ▣ ⊙ ○ ⊥ ✕ ⊥ ◆ ▪ ▽ • ⊖ / ^ ▣ — / ◆ ○ ★ ♥ ✕ / ✕ ω ⊙ ▼ ▼	○ ⊖ ⊥ # ♥ ♥ ▽ ▣ ✕ ∪ ○ • •
= Backstitch:
lace ruffle details on dress—white
(2 strands)
mouth—med pink
pink flowers, pink areas of dress &
ribbons, hearts—med red
green buds, leaves—dk green
turquoise edges of dress and ribbons—dk turquoise
blue flowers, dove (except feet)—dk blue
purple flowers—dk purple
hair, eyes—brown
face (nose, lips, chin), hands, yellow
flowers, orange edges of dress & swag,
swans (except faces)—rust
lace trim on heart ribbon, remaining
dress lace edges, bodice pin tucks—
dk taupe
angel wings—dk gray
dove feet, swan legs—very dk gray
black areas of swan faces, dove
eye—black
halo, remaining swan bills—dk orange
